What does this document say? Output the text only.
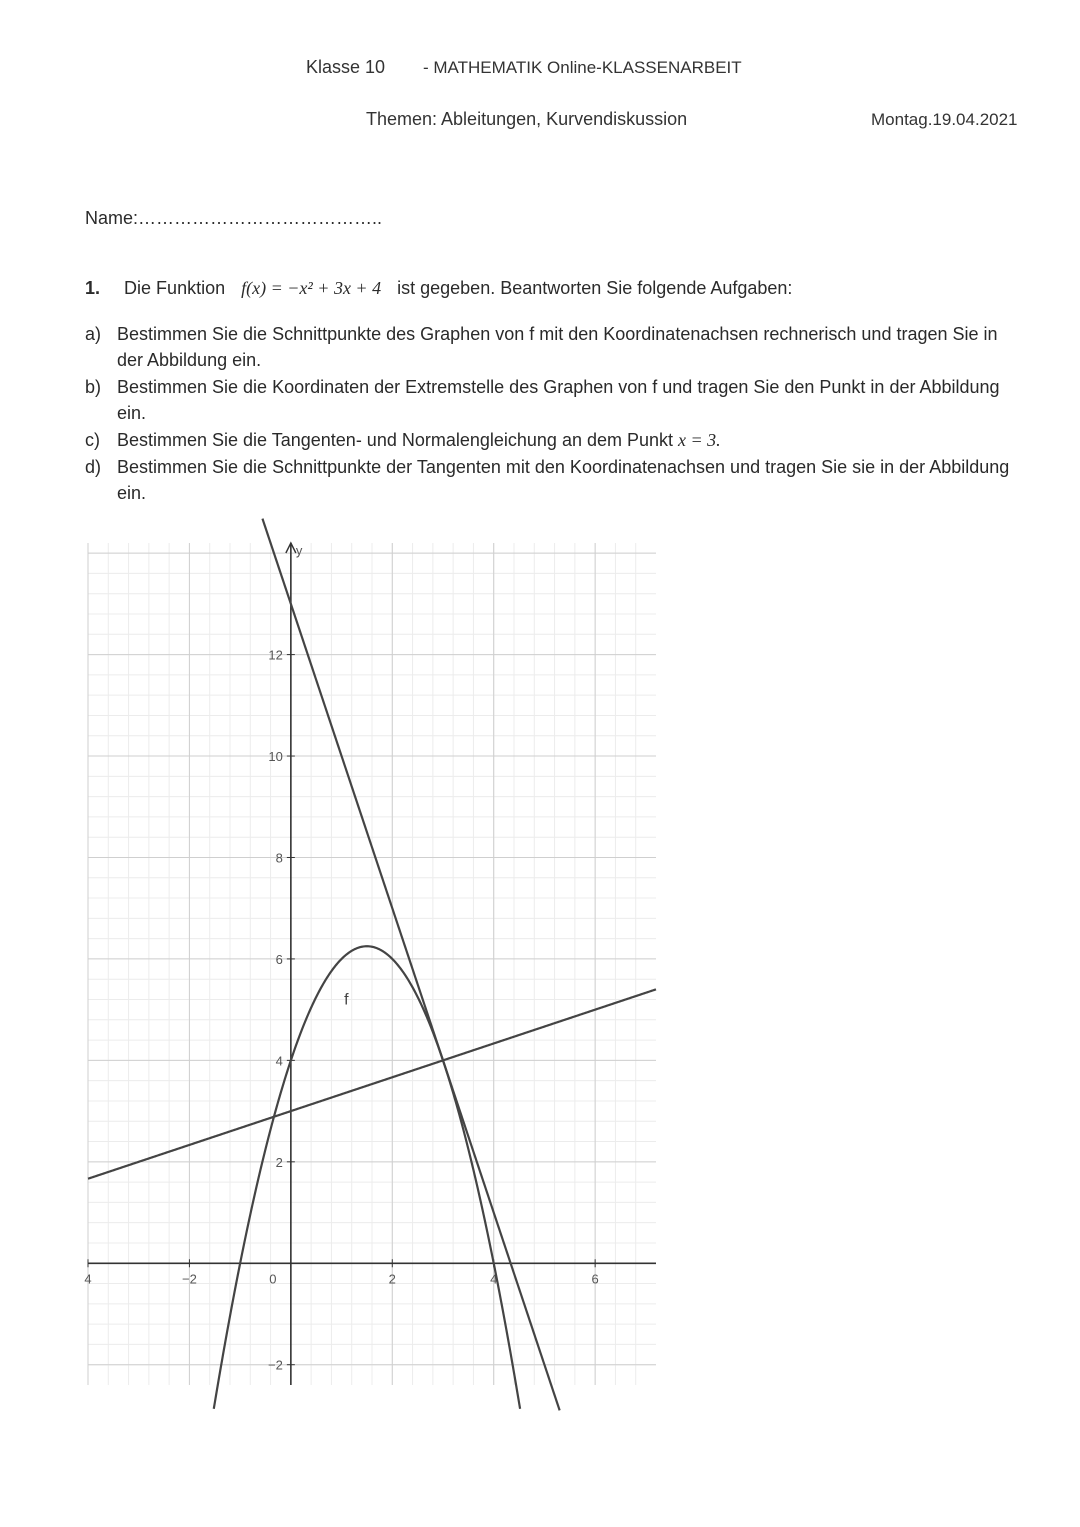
Klasse 10 - MATHEMATIK Online-KLASSENARBEIT
Themen: Ableitungen, Kurvendiskussion	Montag.19.04.2021
Name:…………………………………..
1. Die Funktion f(x) = −x² + 3x + 4 ist gegeben. Beantworten Sie folgende Aufgaben:
a) Bestimmen Sie die Schnittpunkte des Graphen von f mit den Koordinatenachsen rechnerisch und tragen Sie in der Abbildung ein.
b) Bestimmen Sie die Koordinaten der Extremstelle des Graphen von f und tragen Sie den Punkt in der Abbildung ein.
c) Bestimmen Sie die Tangenten- und Normalengleichung an dem Punkt x = 3.
d) Bestimmen Sie die Schnittpunkte der Tangenten mit den Koordinatenachsen und tragen Sie sie in der Abbildung ein.
y
4	−2	0	2	4	6
−2
2
4
6
8
10
12
f
